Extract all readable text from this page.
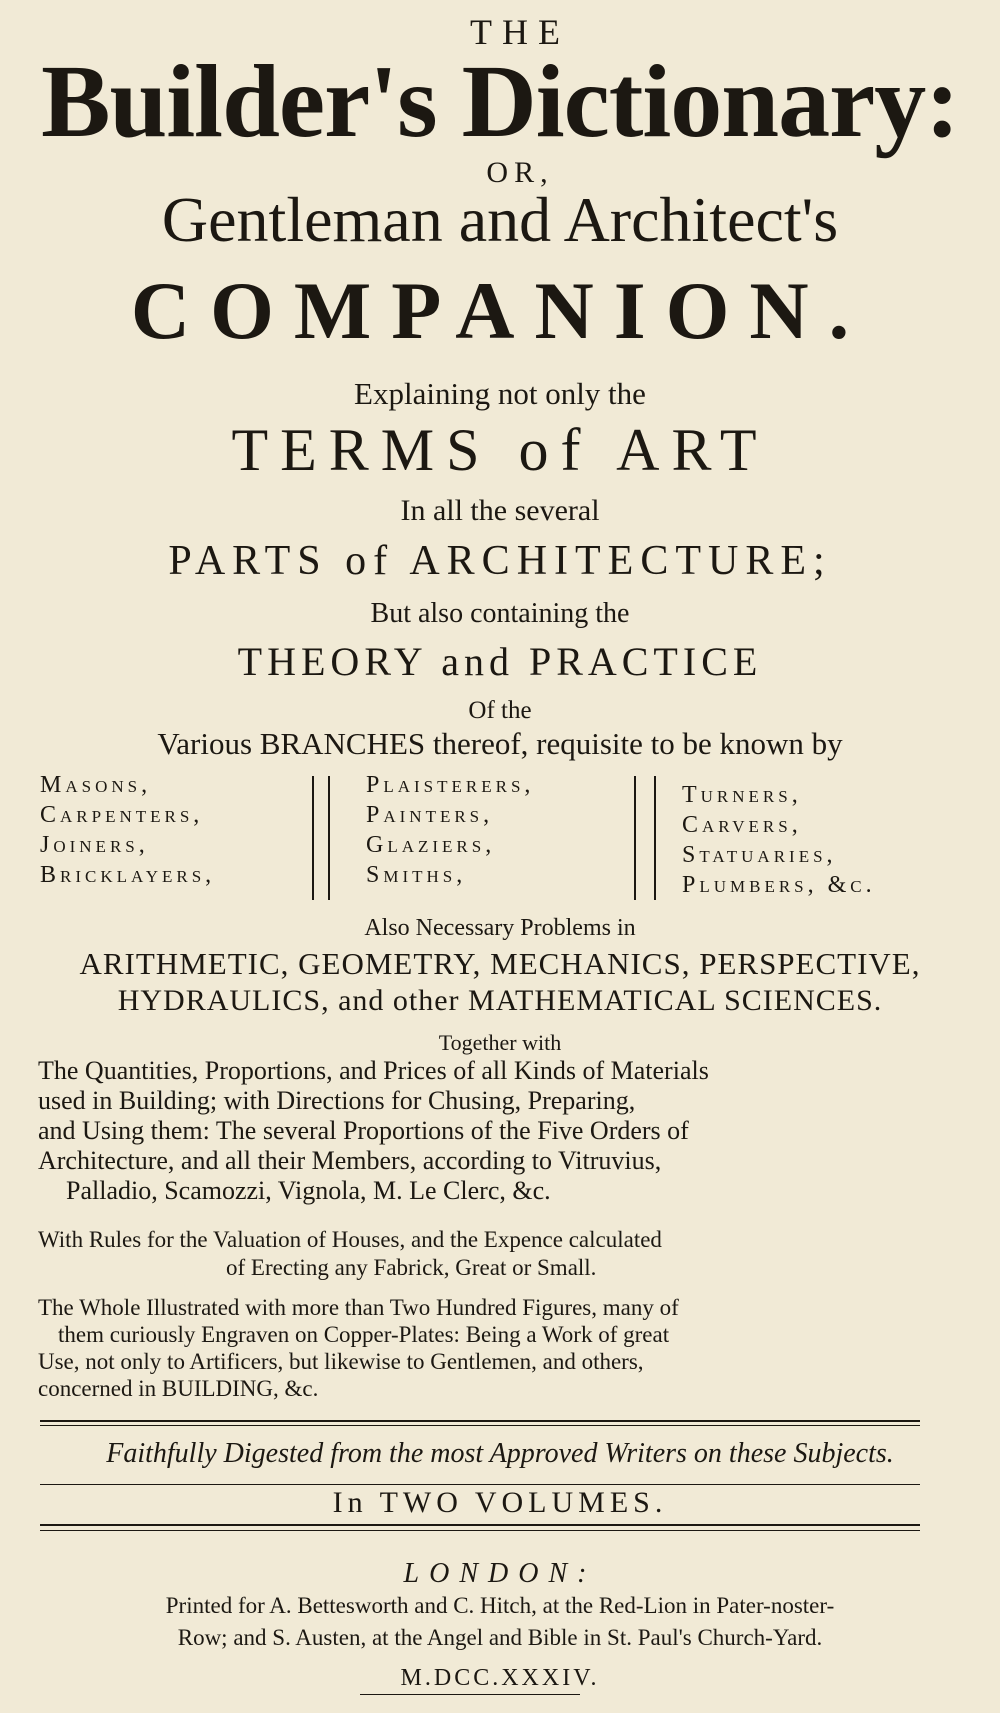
THE
Builder's Dictionary:
OR,
Gentleman and Architect's
COMPANION.
Explaining not only the
TERMS of ART
In all the several
PARTS of ARCHITECTURE;
But also containing the
THEORY and PRACTICE
Of the
Various BRANCHES thereof, requisite to be known by
Masons,
Carpenters,
Joiners,
Bricklayers,
Plaisterers,
Painters,
Glaziers,
Smiths,
Turners,
Carvers,
Statuaries,
Plumbers, &c.
Also Necessary Problems in
ARITHMETIC, GEOMETRY, MECHANICS, PERSPECTIVE,
HYDRAULICS, and other MATHEMATICAL SCIENCES.
Together with
The Quantities, Proportions, and Prices of all Kinds of Materials
used in Building; with Directions for Chusing, Preparing,
and Using them: The several Proportions of the Five Orders of
Architecture, and all their Members, according to Vitruvius,
Palladio, Scamozzi, Vignola, M. Le Clerc, &c.
With Rules for the Valuation of Houses, and the Expence calculated
of Erecting any Fabrick, Great or Small.
The Whole Illustrated with more than Two Hundred Figures, many of
them curiously Engraven on Copper-Plates: Being a Work of great
Use, not only to Artificers, but likewise to Gentlemen, and others,
concerned in BUILDING, &c.
Faithfully Digested from the most Approved Writers on these Subjects.
In TWO VOLUMES.
LONDON:
Printed for A. Bettesworth and C. Hitch, at the Red-Lion in Pater-noster-
Row; and S. Austen, at the Angel and Bible in St. Paul's Church-Yard.
M.DCC.XXXIV.
